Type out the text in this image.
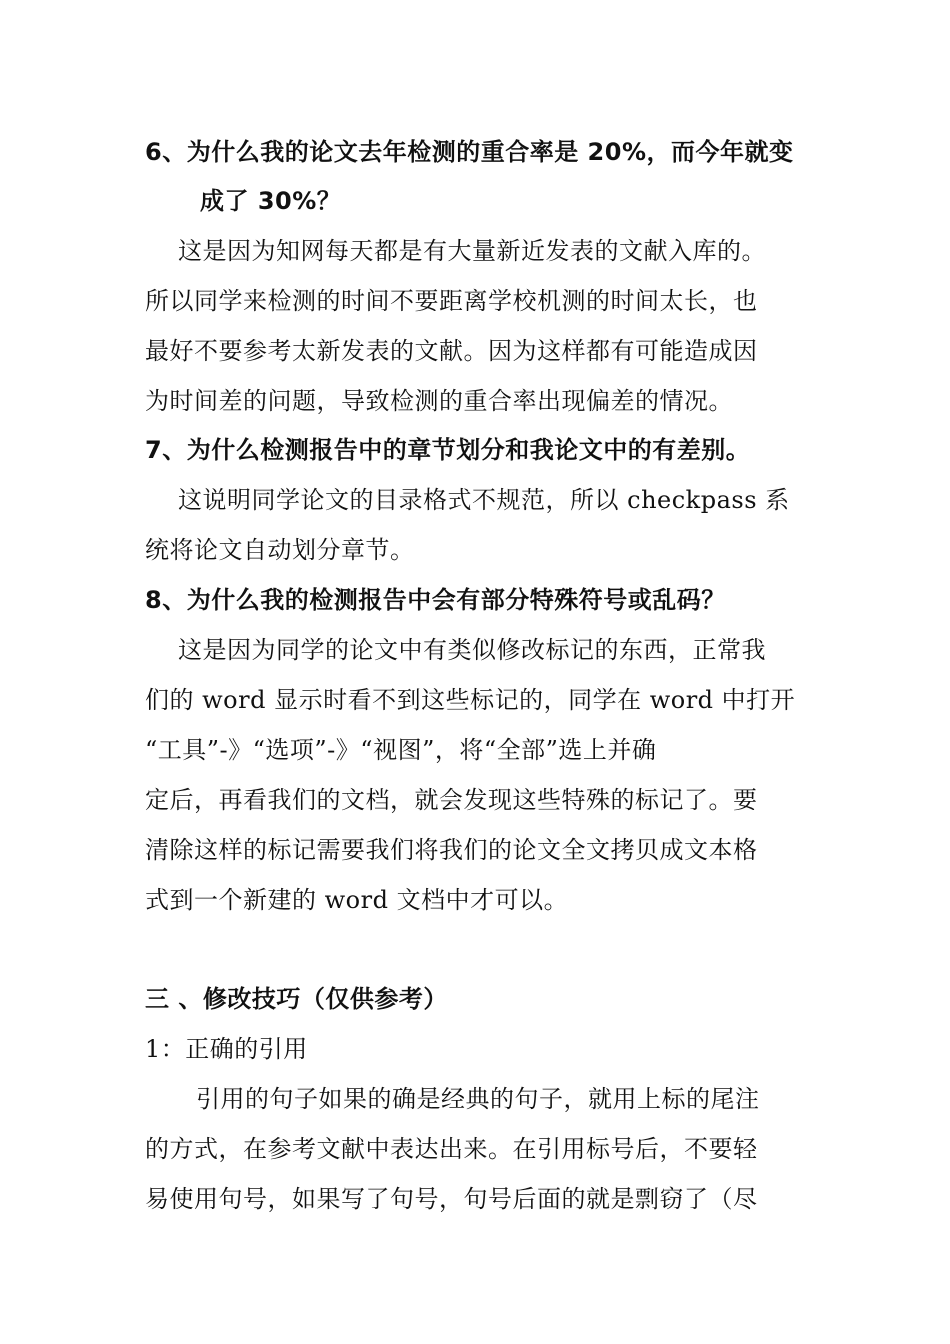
6、为什么我的论文去年检测的重合率是 20%，而今年就变
成了 30%？
这是因为知网每天都是有大量新近发表的文献入库的。
所以同学来检测的时间不要距离学校机测的时间太长，也
最好不要参考太新发表的文献。因为这样都有可能造成因
为时间差的问题，导致检测的重合率出现偏差的情况。
7、为什么检测报告中的章节划分和我论文中的有差别。
这说明同学论文的目录格式不规范，所以 checkpass 系
统将论文自动划分章节。
8、为什么我的检测报告中会有部分特殊符号或乱码？
这是因为同学的论文中有类似修改标记的东西，正常我
们的 word 显示时看不到这些标记的，同学在 word 中打开
“工具”-》“选项”-》“视图”，将“全部”选上并确
定后，再看我们的文档，就会发现这些特殊的标记了。要
清除这样的标记需要我们将我们的论文全文拷贝成文本格
式到一个新建的 word 文档中才可以。
三 、修改技巧（仅供参考）
1：正确的引用
引用的句子如果的确是经典的句子，就用上标的尾注
的方式，在参考文献中表达出来。在引用标号后，不要轻
易使用句号，如果写了句号，句号后面的就是剽窃了（尽
